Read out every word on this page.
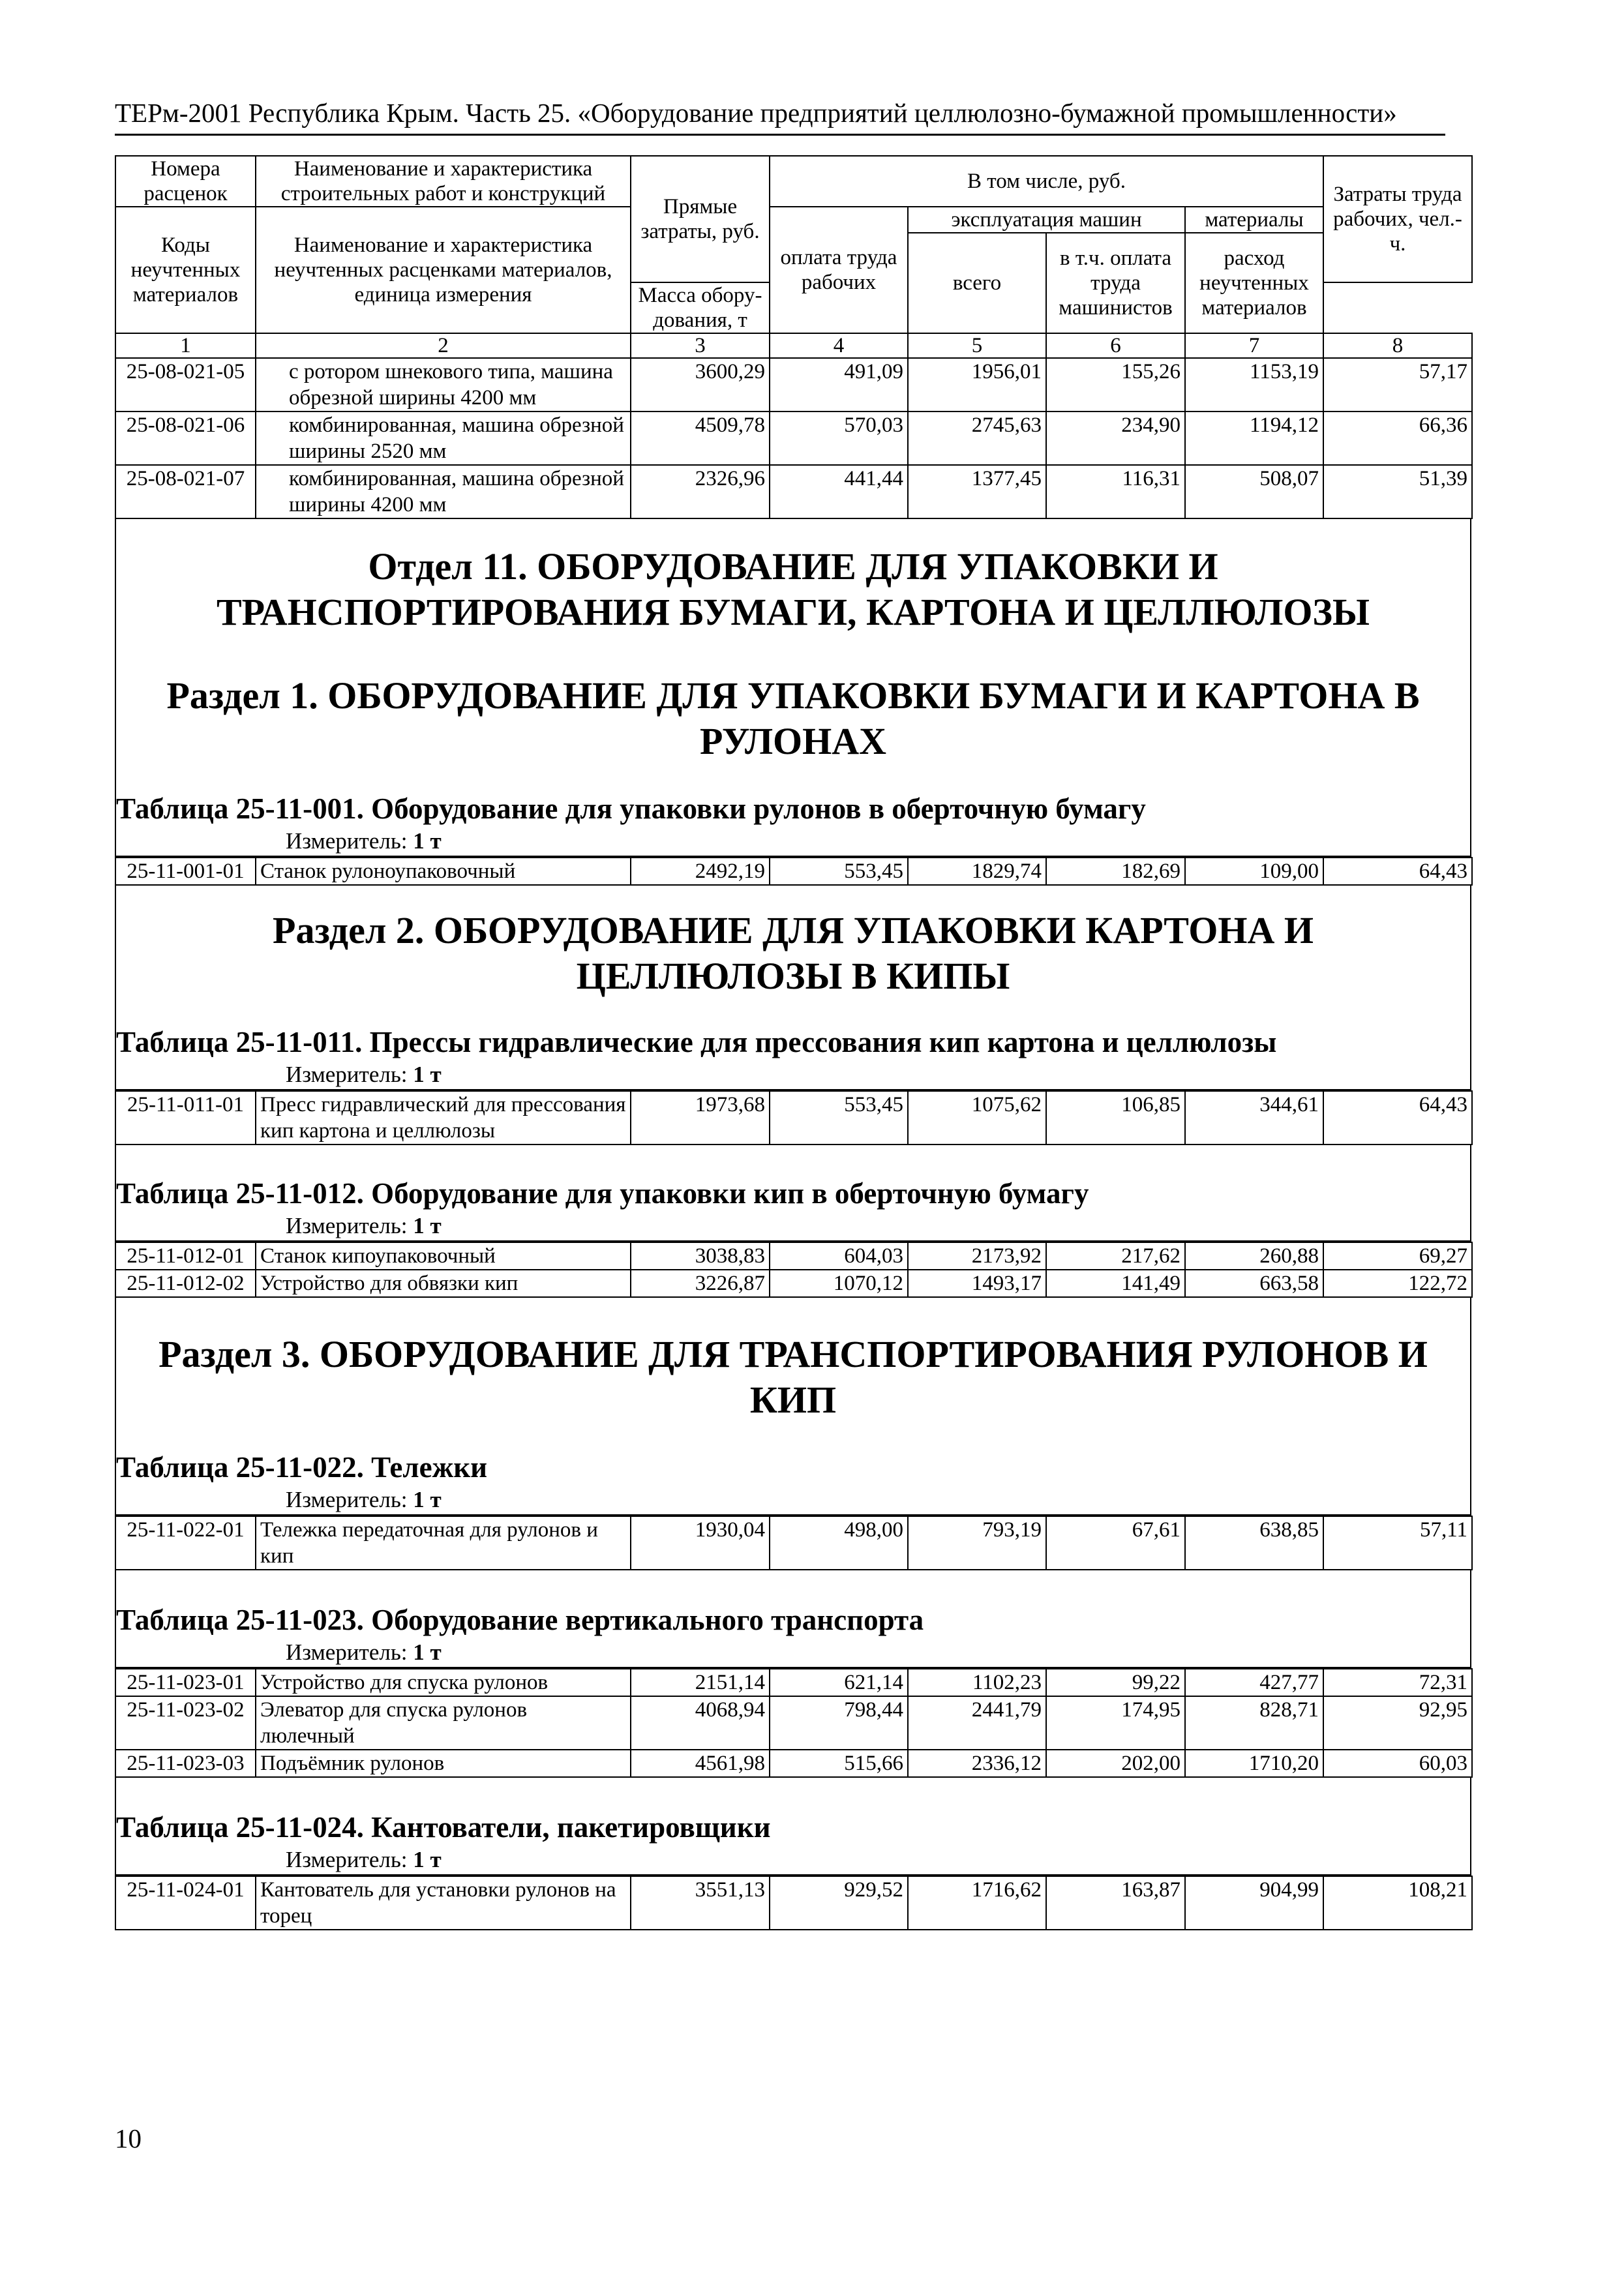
ТЕРм-2001 Республика Крым. Часть 25. «Оборудование предприятий целлюлозно-бумажной промышленности»
Номера расценок	Наименование и характеристика строительных работ и конструкций	Прямые затраты, руб.	В том числе, руб.				Затраты труда рабочих, чел.-ч.
Коды неучтенных материалов	Наименование и характеристика неучтенных расценками материалов, единица измерения		оплата труда рабочих	эксплуатация машин		материалы	
				всего	в т.ч. оплата труда машинистов	расход неучтенных материалов	
		Масса обору-дования, т					
1	2	3	4	5	6	7	8
25-08-021-05	с ротором шнекового типа, машина обрезной ширины 4200 мм	3600,29	491,09	1956,01	155,26	1153,19	57,17
25-08-021-06	комбинированная, машина обрезной ширины 2520 мм	4509,78	570,03	2745,63	234,90	1194,12	66,36
25-08-021-07	комбинированная, машина обрезной ширины 4200 мм	2326,96	441,44	1377,45	116,31	508,07	51,39
Отдел 11. ОБОРУДОВАНИЕ ДЛЯ УПАКОВКИ И ТРАНСПОРТИРОВАНИЯ БУМАГИ, КАРТОНА И ЦЕЛЛЮЛОЗЫ
Раздел 1. ОБОРУДОВАНИЕ ДЛЯ УПАКОВКИ БУМАГИ И КАРТОНА В РУЛОНАХ
Таблица 25-11-001. Оборудование для упаковки рулонов в оберточную бумагу
Измеритель: 1 т
25-11-001-01	Станок рулоноупаковочный	2492,19	553,45	1829,74	182,69	109,00	64,43
Раздел 2. ОБОРУДОВАНИЕ ДЛЯ УПАКОВКИ КАРТОНА И ЦЕЛЛЮЛОЗЫ В КИПЫ
Таблица 25-11-011. Прессы гидравлические для прессования кип картона и целлюлозы
Измеритель: 1 т
25-11-011-01	Пресс гидравлический для прессования кип картона и целлюлозы	1973,68	553,45	1075,62	106,85	344,61	64,43
Таблица 25-11-012. Оборудование для упаковки кип в оберточную бумагу
Измеритель: 1 т
25-11-012-01	Станок кипоупаковочный	3038,83	604,03	2173,92	217,62	260,88	69,27
25-11-012-02	Устройство для обвязки кип	3226,87	1070,12	1493,17	141,49	663,58	122,72
Раздел 3. ОБОРУДОВАНИЕ ДЛЯ ТРАНСПОРТИРОВАНИЯ РУЛОНОВ И КИП
Таблица 25-11-022. Тележки
Измеритель: 1 т
25-11-022-01	Тележка передаточная для рулонов и кип	1930,04	498,00	793,19	67,61	638,85	57,11
Таблица 25-11-023. Оборудование вертикального транспорта
Измеритель: 1 т
25-11-023-01	Устройство для спуска рулонов	2151,14	621,14	1102,23	99,22	427,77	72,31
25-11-023-02	Элеватор для спуска рулонов люлечный	4068,94	798,44	2441,79	174,95	828,71	92,95
25-11-023-03	Подъёмник рулонов	4561,98	515,66	2336,12	202,00	1710,20	60,03
Таблица 25-11-024. Кантователи, пакетировщики
Измеритель: 1 т
25-11-024-01	Кантователь для установки рулонов на торец	3551,13	929,52	1716,62	163,87	904,99	108,21
10
